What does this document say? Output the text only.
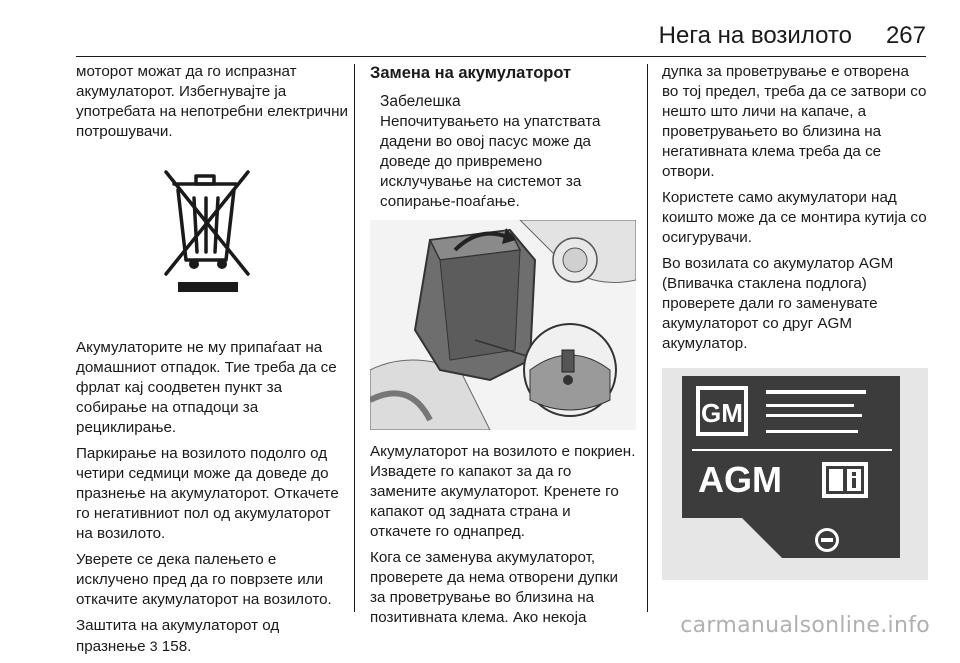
Нега на возилото 267

моторот можат да го испразнат акумулаторот. Избегнувајте ја употребата на непотребни електрични потрошувачи.

Акумулаторите не му припаѓаат на домашниот отпадок. Тие треба да се фрлат кај соодветен пункт за собирање на отпадоци за рециклирање.

Паркирање на возилото подолго од четири седмици може да доведе до празнење на акумулаторот. Откачете го негативниот пол од акумулаторот на возилото.

Уверете се дека палењето е исклучено пред да го поврзете или откачите акумулаторот на возилото.

Заштита на акумулаторот од празнење 3 158.

Замена на акумулаторот
Забелешка

Непочитувањето на упатствата дадени во овој пасус може да доведе до привремено исклучување на системот за сопирање-поаѓање.

Акумулаторот на возилото е покриен. Извадете го капакот за да го замените акумулаторот. Кренете го капакот од задната страна и откачете го однапред.

Кога се заменува акумулаторот, проверете да нема отворени дупки за проветрување во близина на позитивната клема. Ако некоја

дупка за проветрување е отворена во тој предел, треба да се затвори со нешто што личи на капаче, а проветрувањето во близина на негативната клема треба да се отвори.

Користете само акумулатори над коишто може да се монтира кутија со осигурувачи.

Во возилата со акумулатор AGM (Впивачка стаклена подлога) проверете дали го заменувате акумулаторот со друг AGM акумулатор.

GM
AGM
carmanualsonline.info
